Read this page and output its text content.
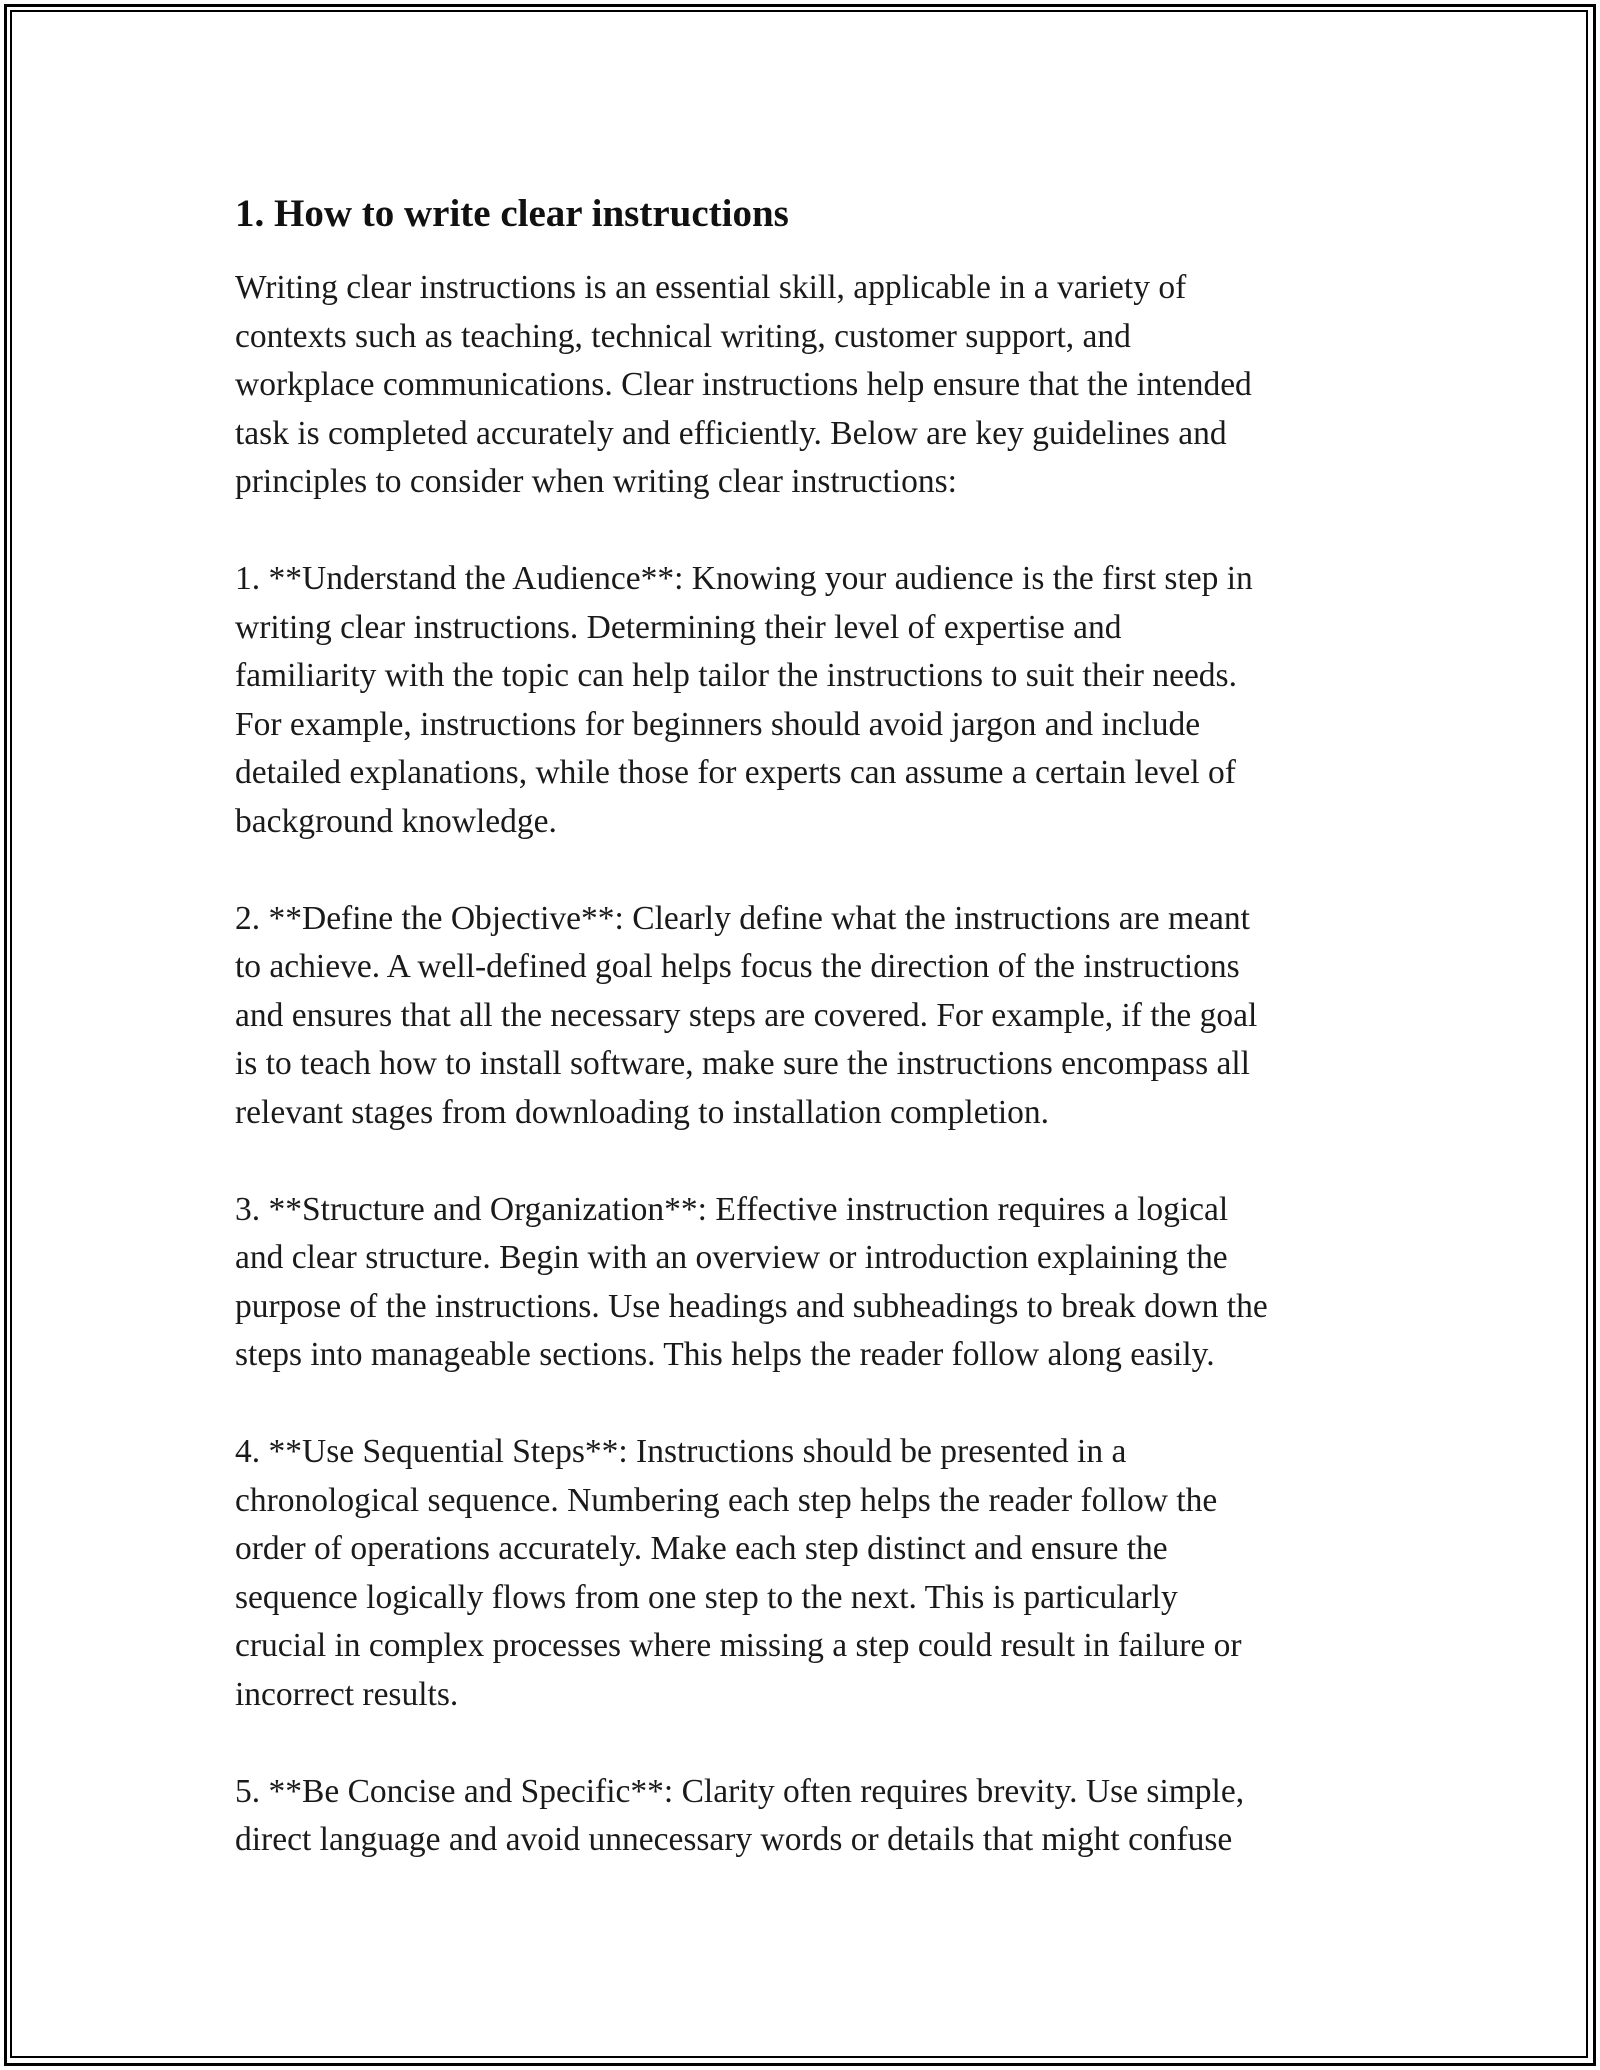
1. How to write clear instructions
Writing clear instructions is an essential skill, applicable in a variety of
contexts such as teaching, technical writing, customer support, and
workplace communications. Clear instructions help ensure that the intended
task is completed accurately and efficiently. Below are key guidelines and
principles to consider when writing clear instructions:
1. **Understand the Audience**: Knowing your audience is the first step in
writing clear instructions. Determining their level of expertise and
familiarity with the topic can help tailor the instructions to suit their needs.
For example, instructions for beginners should avoid jargon and include
detailed explanations, while those for experts can assume a certain level of
background knowledge.
2. **Define the Objective**: Clearly define what the instructions are meant
to achieve. A well-defined goal helps focus the direction of the instructions
and ensures that all the necessary steps are covered. For example, if the goal
is to teach how to install software, make sure the instructions encompass all
relevant stages from downloading to installation completion.
3. **Structure and Organization**: Effective instruction requires a logical
and clear structure. Begin with an overview or introduction explaining the
purpose of the instructions. Use headings and subheadings to break down the
steps into manageable sections. This helps the reader follow along easily.
4. **Use Sequential Steps**: Instructions should be presented in a
chronological sequence. Numbering each step helps the reader follow the
order of operations accurately. Make each step distinct and ensure the
sequence logically flows from one step to the next. This is particularly
crucial in complex processes where missing a step could result in failure or
incorrect results.
5. **Be Concise and Specific**: Clarity often requires brevity. Use simple,
direct language and avoid unnecessary words or details that might confuse
